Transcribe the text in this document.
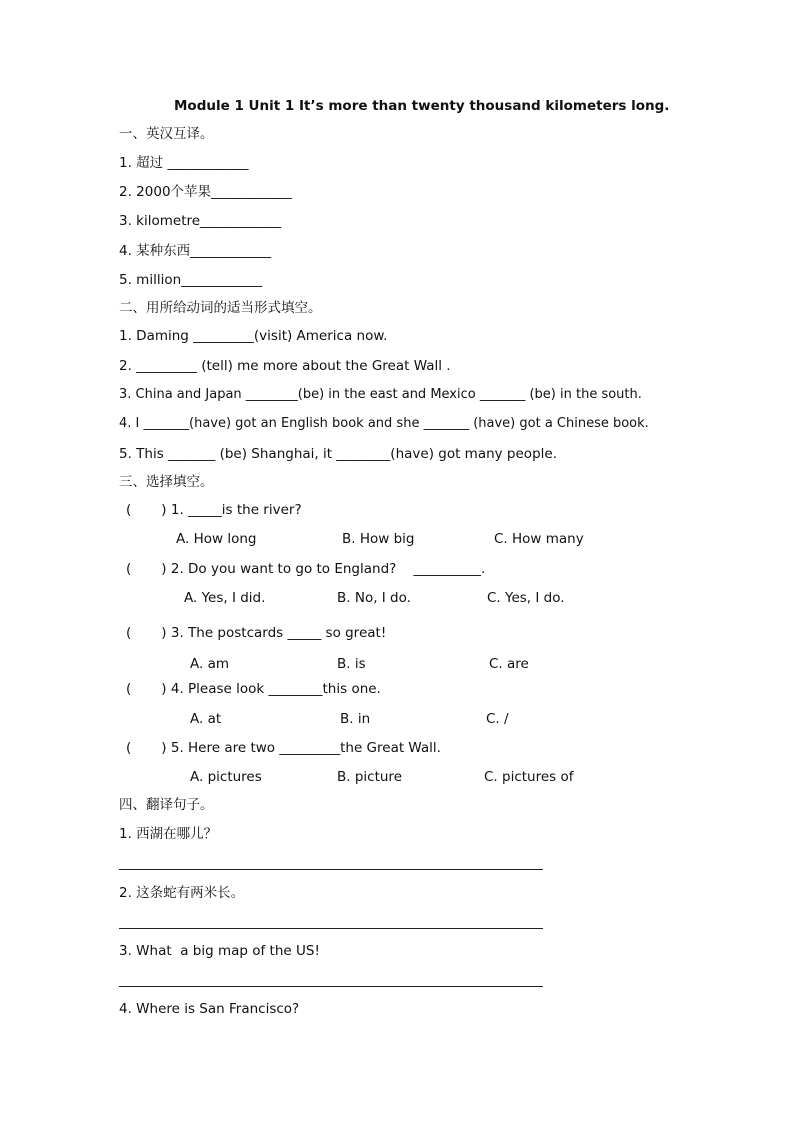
Module 1 Unit 1 It’s more than twenty thousand kilometers long.
一、英汉互译。
1. 超过 ____________
2. 2000个苹果____________
3. kilometre____________
4. 某种东西____________
5. million____________
二、用所给动词的适当形式填空。
1. Daming _________(visit) America now.
2. _________ (tell) me more about the Great Wall .
3. China and Japan ________(be) in the east and Mexico _______ (be) in the south.
4. I _______(have) got an English book and she _______ (have) got a Chinese book.
5. This _______ (be) Shanghai, it ________(have) got many people.
三、选择填空。
(       ) 1. _____is the river?
A. How long	B. How big	C. How many
(       ) 2. Do you want to go to England?    __________.
A. Yes, I did.	B. No, I do.	C. Yes, I do.
(       ) 3. The postcards _____ so great!
A. am	B. is	C. are
(       ) 4. Please look ________this one.
A. at	B. in	C. /
(       ) 5. Here are two _________the Great Wall.
A. pictures	B. picture	C. pictures of
四、翻译句子。
1. 西湖在哪儿？
2. 这条蛇有两米长。
3. What  a big map of the US!
4. Where is San Francisco?
